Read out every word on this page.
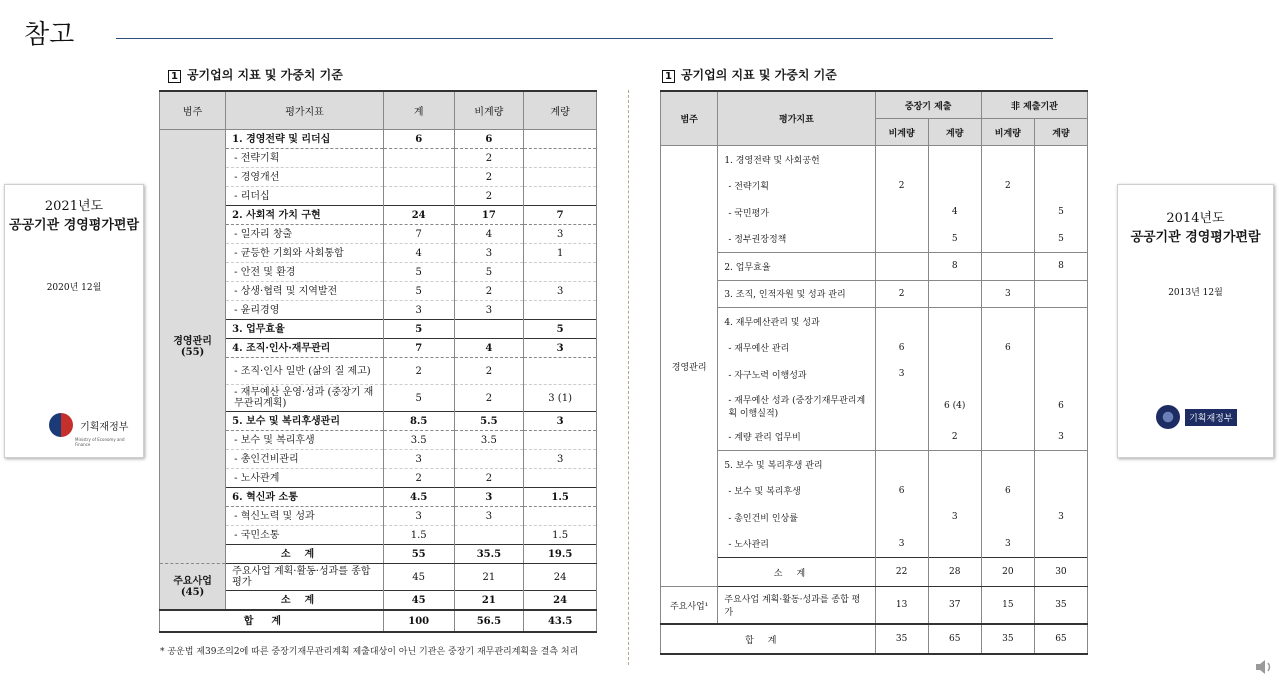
참고
2021년도
공공기관 경영평가편람
2020년 12월
기획재정부
Ministry of Economy and Finance
2014년도
공공기관 경영평가편람
2013년 12월
기획재정부
1 공기업의 지표 및 가중치 기준	1 공기업의 지표 및 가중치 기준
범주	평가지표	계	비계량	계량
경영관리(55)	1. 경영전략 및 리더십	6	6	
	- 전략기획		2	
	- 경영개선		2	
	- 리더십		2	
	2. 사회적 가치 구현	24	17	7
	- 일자리 창출	7	4	3
	- 균등한 기회와 사회통합	4	3	1
	- 안전 및 환경	5	5	
	- 상생·협력 및 지역발전	5	2	3
	- 윤리경영	3	3	
	3. 업무효율	5		5
	4. 조직·인사·재무관리	7	4	3
	- 조직·인사 일반 (삶의 질 제고)	2	2	
	- 재무예산 운영·성과 (중장기 재무관리계획)	5	2	3 (1)
	5. 보수 및 복리후생관리	8.5	5.5	3
	- 보수 및 복리후생	3.5	3.5	
	- 총인건비관리	3		3
	- 노사관계	2	2	
	6. 혁신과 소통	4.5	3	1.5
	- 혁신노력 및 성과	3	3	
	- 국민소통	1.5		1.5
	소계	55	35.5	19.5
주요사업(45)	주요사업 계획·활동·성과를 종합평가	45	21	24
	소계	45	21	24
합계		100	56.5	43.5
* 공운법 제39조의2에 따른 중장기재무관리계획 제출대상이 아닌 기관은 중장기 재무관리계획을 결측 처리
범주	평가지표	중장기 제출		非 제출기관	
		비계량	계량	비계량	계량
경영관리	1. 경영전략 및 사회공헌				
	- 전략기획	2		2	
	- 국민평가		4		5
	- 정부권장정책		5		5
	2. 업무효율		8		8
	3. 조직, 인적자원 및 성과 관리	2		3	
	4. 재무예산관리 및 성과				
	- 재무예산 관리	6		6	
	- 자구노력 이행성과	3			
	- 재무예산 성과 (중장기재무관리계획 이행실적)		6 (4)		6
	- 계량 관리 업무비		2		3
	5. 보수 및 복리후생 관리				
	- 보수 및 복리후생	6		6	
	- 총인건비 인상률		3		3
	- 노사관리	3		3	
	소계	22	28	20	30
주요사업¹	주요사업 계획·활동·성과를 종합 평가	13	37	15	35
합계		35	65	35	65
